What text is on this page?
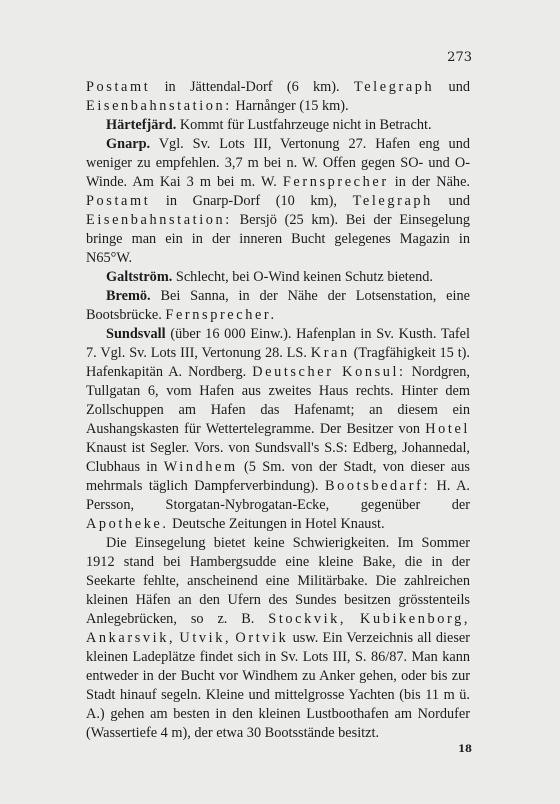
273

Postamt in Jättendal-Dorf (6 km). Telegraph und Eisenbahnstation: Harnånger (15 km).

Härtefjärd. Kommt für Lustfahrzeuge nicht in Betracht.

Gnarp. Vgl. Sv. Lots III, Vertonung 27. Hafen eng und weniger zu empfehlen. 3,7 m bei n. W. Offen gegen SO- und O-Winde. Am Kai 3 m bei m. W. Fernsprecher in der Nähe. Postamt in Gnarp-Dorf (10 km), Telegraph und Eisenbahnstation: Bersjö (25 km). Bei der Einsegelung bringe man ein in der inneren Bucht gelegenes Magazin in N65°W.

Galtström. Schlecht, bei O-Wind keinen Schutz bietend.

Bremö. Bei Sanna, in der Nähe der Lotsenstation, eine Bootsbrücke. Fernsprecher.

Sundsvall (über 16 000 Einw.). Hafenplan in Sv. Kusth. Tafel 7. Vgl. Sv. Lots III, Vertonung 28. LS. Kran (Tragfähigkeit 15 t). Hafenkapitän A. Nordberg. Deutscher Konsul: Nordgren, Tullgatan 6, vom Hafen aus zweites Haus rechts. Hinter dem Zollschuppen am Hafen das Hafenamt; an diesem ein Aushangskasten für Wettertelegramme. Der Besitzer von Hotel Knaust ist Segler. Vors. von Sundsvall's S.S: Edberg, Johannedal, Clubhaus in Windhem (5 Sm. von der Stadt, von dieser aus mehrmals täglich Dampferverbindung). Bootsbedarf: H. A. Persson, Storgatan-Nybrogatan-Ecke, gegenüber der Apotheke. Deutsche Zeitungen in Hotel Knaust.

Die Einsegelung bietet keine Schwierigkeiten. Im Sommer 1912 stand bei Hambergsudde eine kleine Bake, die in der Seekarte fehlte, anscheinend eine Militärbake. Die zahlreichen kleinen Häfen an den Ufern des Sundes besitzen grösstenteils Anlegebrücken, so z. B. Stockvik, Kubikenborg, Ankarsvik, Utvik, Ortvik usw. Ein Verzeichnis all dieser kleinen Ladeplätze findet sich in Sv. Lots III, S. 86/87. Man kann entweder in der Bucht vor Windhem zu Anker gehen, oder bis zur Stadt hinauf segeln. Kleine und mittelgrosse Yachten (bis 11 m ü. A.) gehen am besten in den kleinen Lustboothafen am Nordufer (Wassertiefe 4 m), der etwa 30 Bootsstände besitzt.

18
